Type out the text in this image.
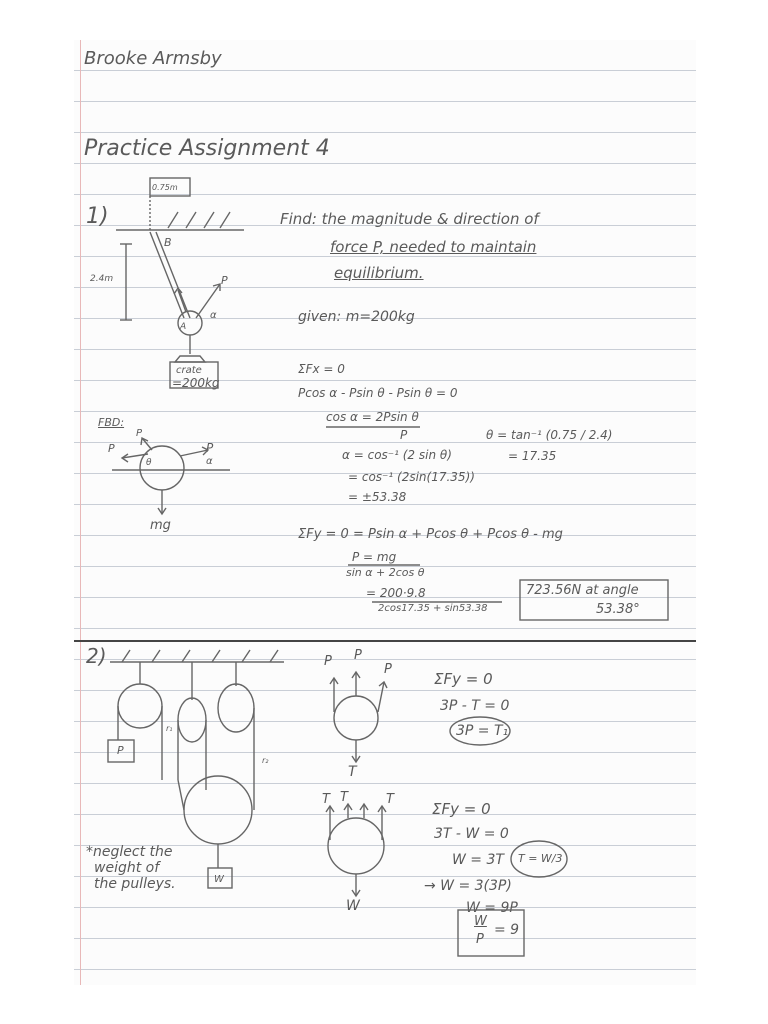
Brooke Armsby
Practice Assignment 4
1)
0.75m
2.4m
B
P
A
α
crate
=200kg
Find: the magnitude & direction of
force P, needed to maintain
equilibrium.
given: m=200kg
FBD:
P
P
P
θ	α
mg
ΣFx = 0
Pcos α - Psin θ - Psin θ = 0
cos α = 2Psin θ
P
α = cos⁻¹ (2 sin θ)
= cos⁻¹ (2sin(17.35))
= ±53.38
θ = tan⁻¹ (0.75 / 2.4)
= 17.35
ΣFy = 0 = Psin α + Pcos θ + Pcos θ - mg
P = mg
sin α + 2cos θ
= 200·9.8
2cos17.35 + sin53.38
723.56N at angle
53.38°
2)
P
r₁
r₂
W
*neglect the
weight of
the pulleys.
P P
P
T
T T	T
W
ΣFy = 0
3P - T = 0
3P = T₁
ΣFy = 0
3T - W = 0
W = 3T T = W/3
→ W = 3(3P)
W = 9P
W
P
= 9
